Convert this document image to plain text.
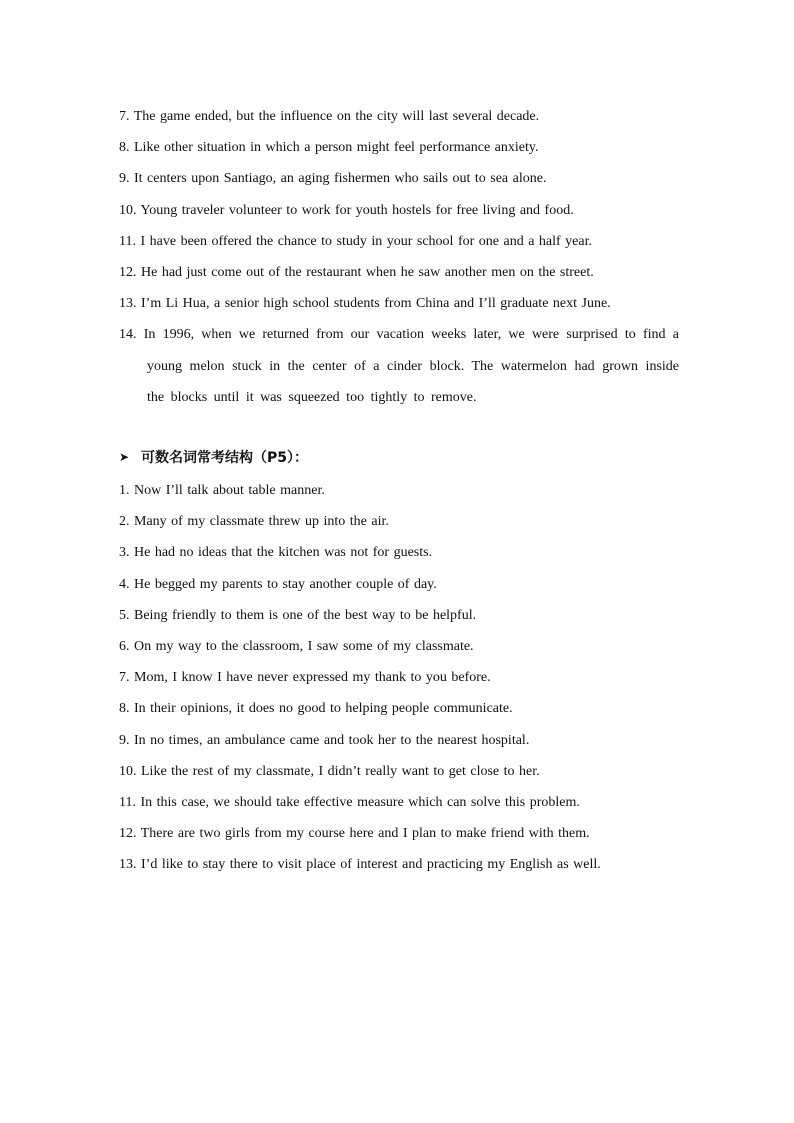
7. The game ended, but the influence on the city will last several decade.
8. Like other situation in which a person might feel performance anxiety.
9. It centers upon Santiago, an aging fishermen who sails out to sea alone.
10. Young traveler volunteer to work for youth hostels for free living and food.
11. I have been offered the chance to study in your school for one and a half year.
12. He had just come out of the restaurant when he saw another men on the street.
13. I’m Li Hua, a senior high school students from China and I’ll graduate next June.
14. In 1996, when we returned from our vacation weeks later, we were surprised to find a young melon stuck in the center of a cinder block. The watermelon had grown inside the blocks until it was squeezed too tightly to remove.
➤ 可数名词常考结构（P5）：
1. Now I’ll talk about table manner.
2. Many of my classmate threw up into the air.
3. He had no ideas that the kitchen was not for guests.
4. He begged my parents to stay another couple of day.
5. Being friendly to them is one of the best way to be helpful.
6. On my way to the classroom, I saw some of my classmate.
7. Mom, I know I have never expressed my thank to you before.
8. In their opinions, it does no good to helping people communicate.
9. In no times, an ambulance came and took her to the nearest hospital.
10. Like the rest of my classmate, I didn’t really want to get close to her.
11. In this case, we should take effective measure which can solve this problem.
12. There are two girls from my course here and I plan to make friend with them.
13. I’d like to stay there to visit place of interest and practicing my English as well.
